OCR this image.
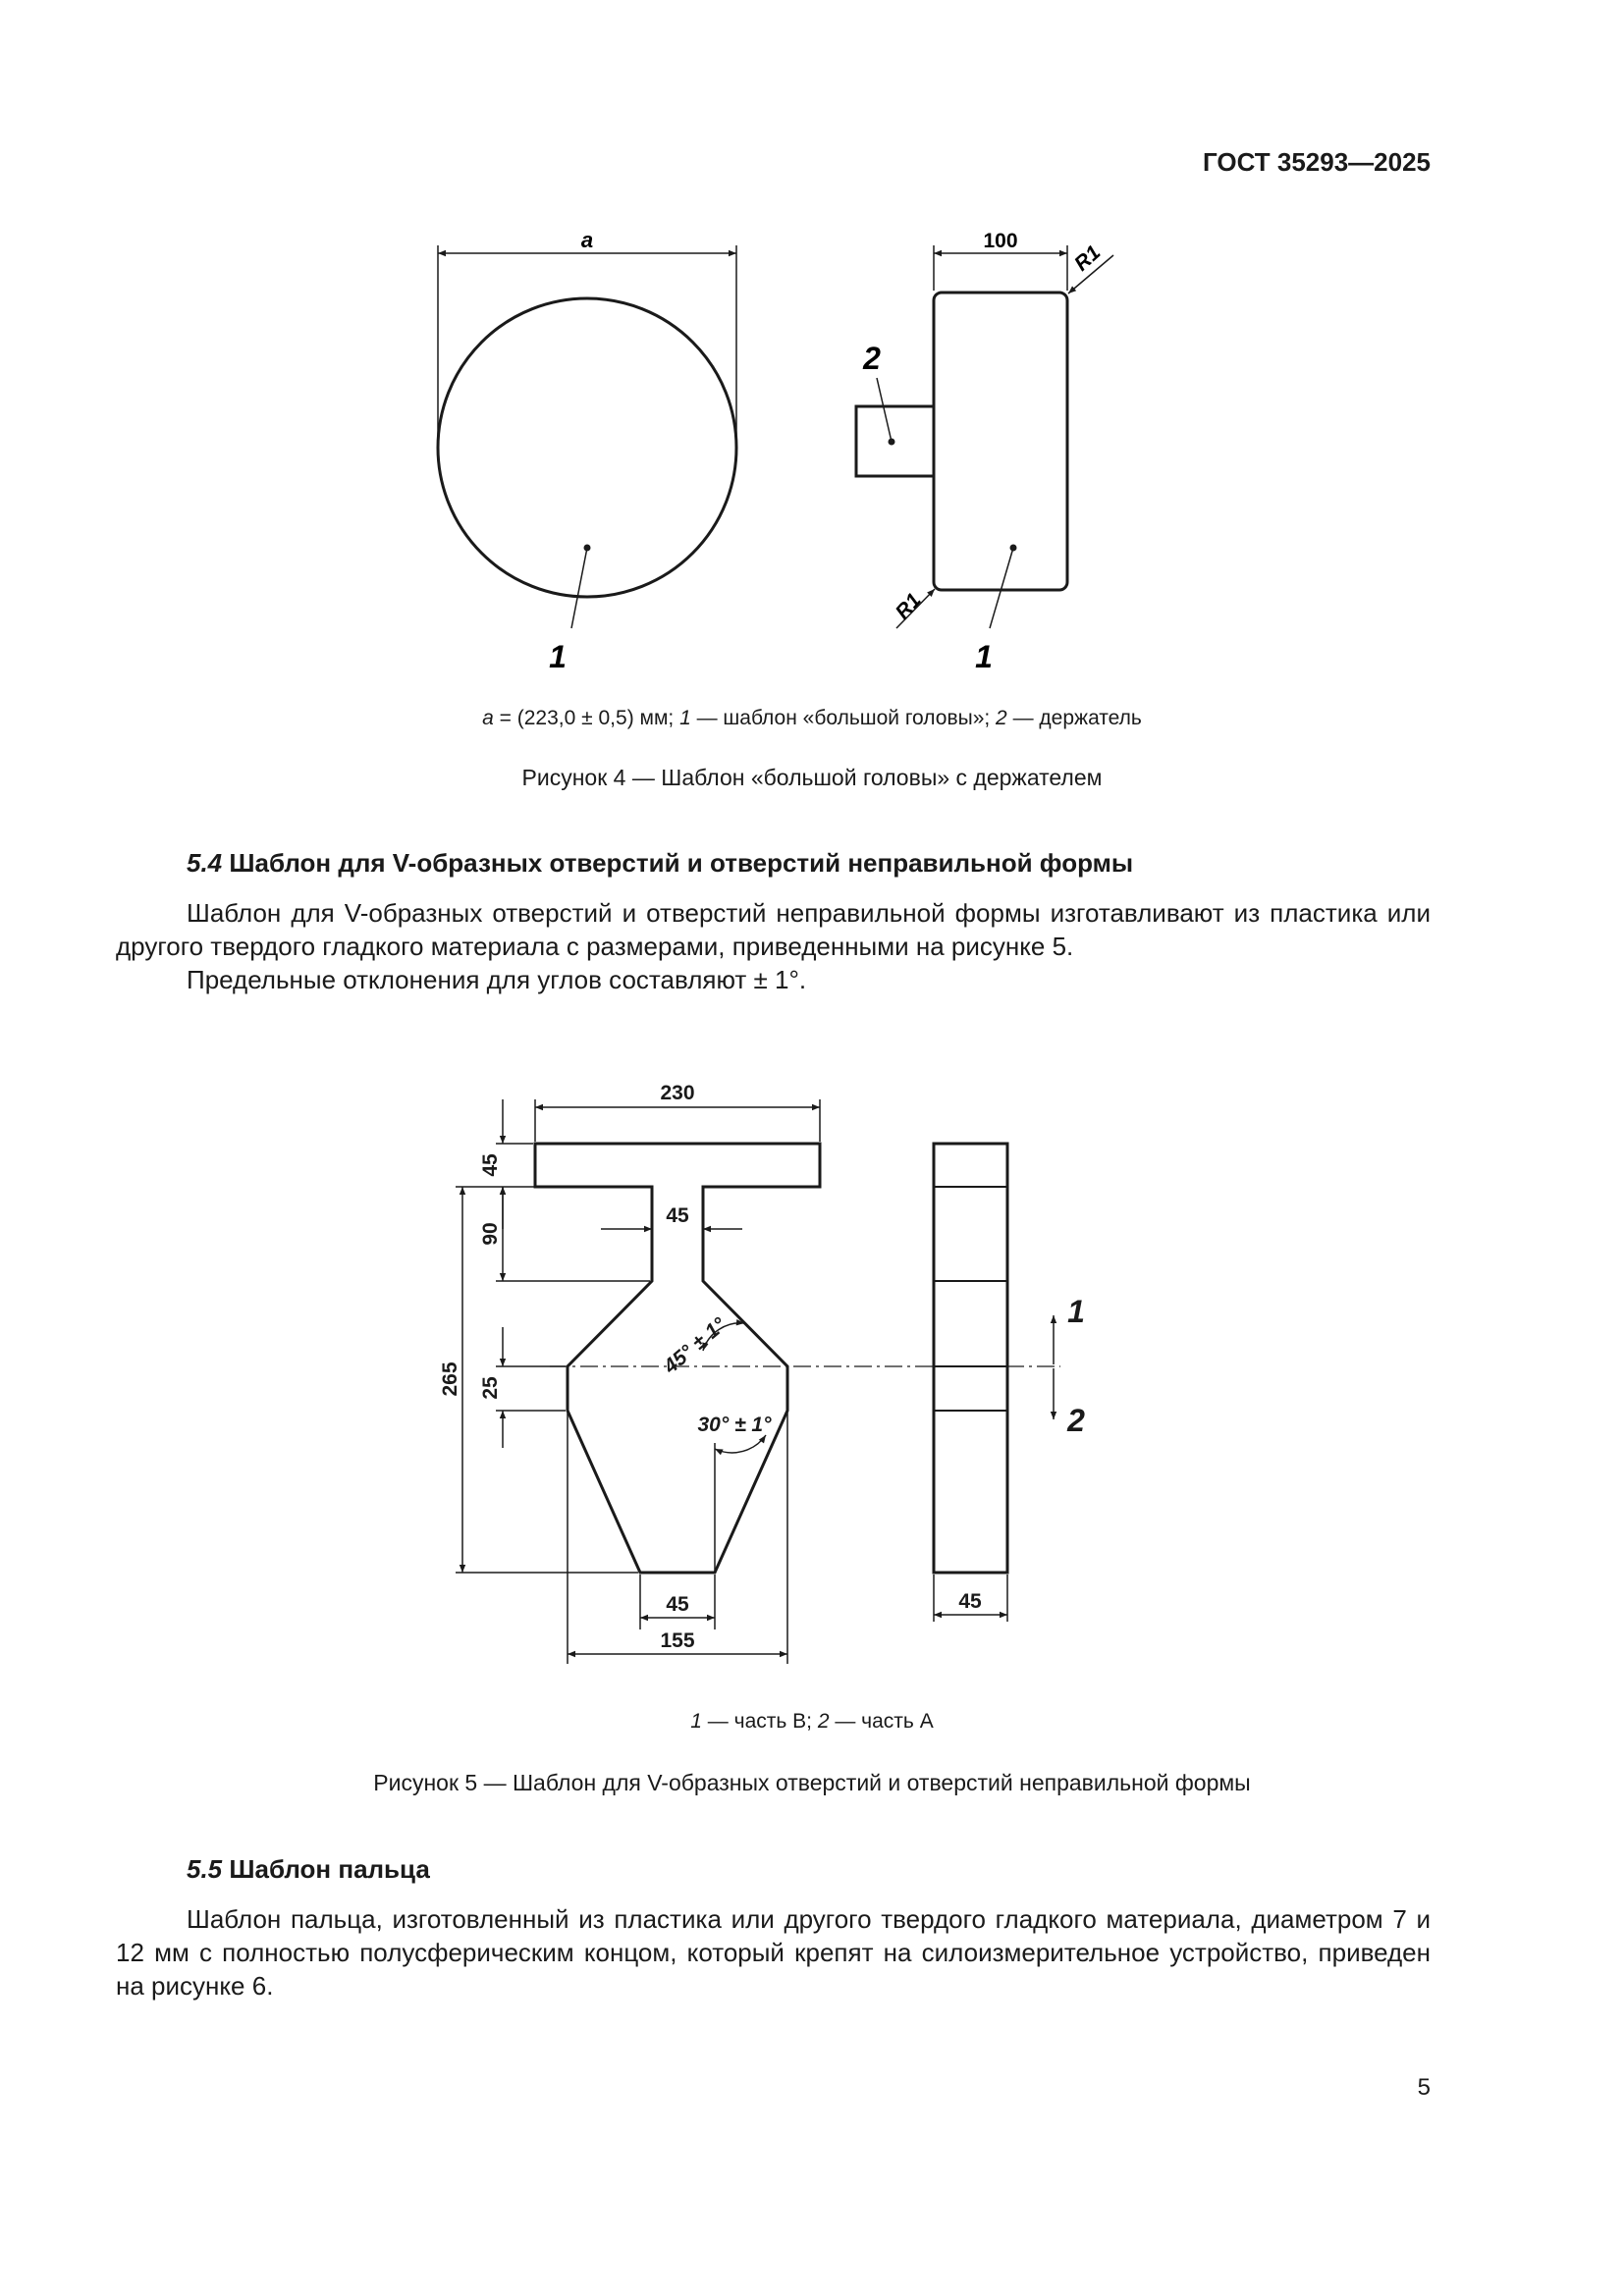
ГОСТ 35293—2025
a	100
R1
R1
1	1
2
a = (223,0 ± 0,5) мм; 1 — шаблон «большой головы»; 2 — держатель
Рисунок 4 — Шаблон «большой головы» с держателем
5.4 Шаблон для V-образных отверстий и отверстий неправильной формы
Шаблон для V-образных отверстий и отверстий неправильной формы изготавливают из пластика или другого твердого гладкого материала с размерами, приведенными на рисунке 5.
Предельные отклонения для углов составляют ± 1°.
230
45
90
45
265 25
45
155
45
45° ± 1°
30° ± 1°
1
2
1 — часть В; 2 — часть А
Рисунок 5 — Шаблон для V-образных отверстий и отверстий неправильной формы
5.5 Шаблон пальца
Шаблон пальца, изготовленный из пластика или другого твердого гладкого материала, диаметром 7 и 12 мм с полностью полусферическим концом, который крепят на силоизмерительное устройство, приведен на рисунке 6.
5
